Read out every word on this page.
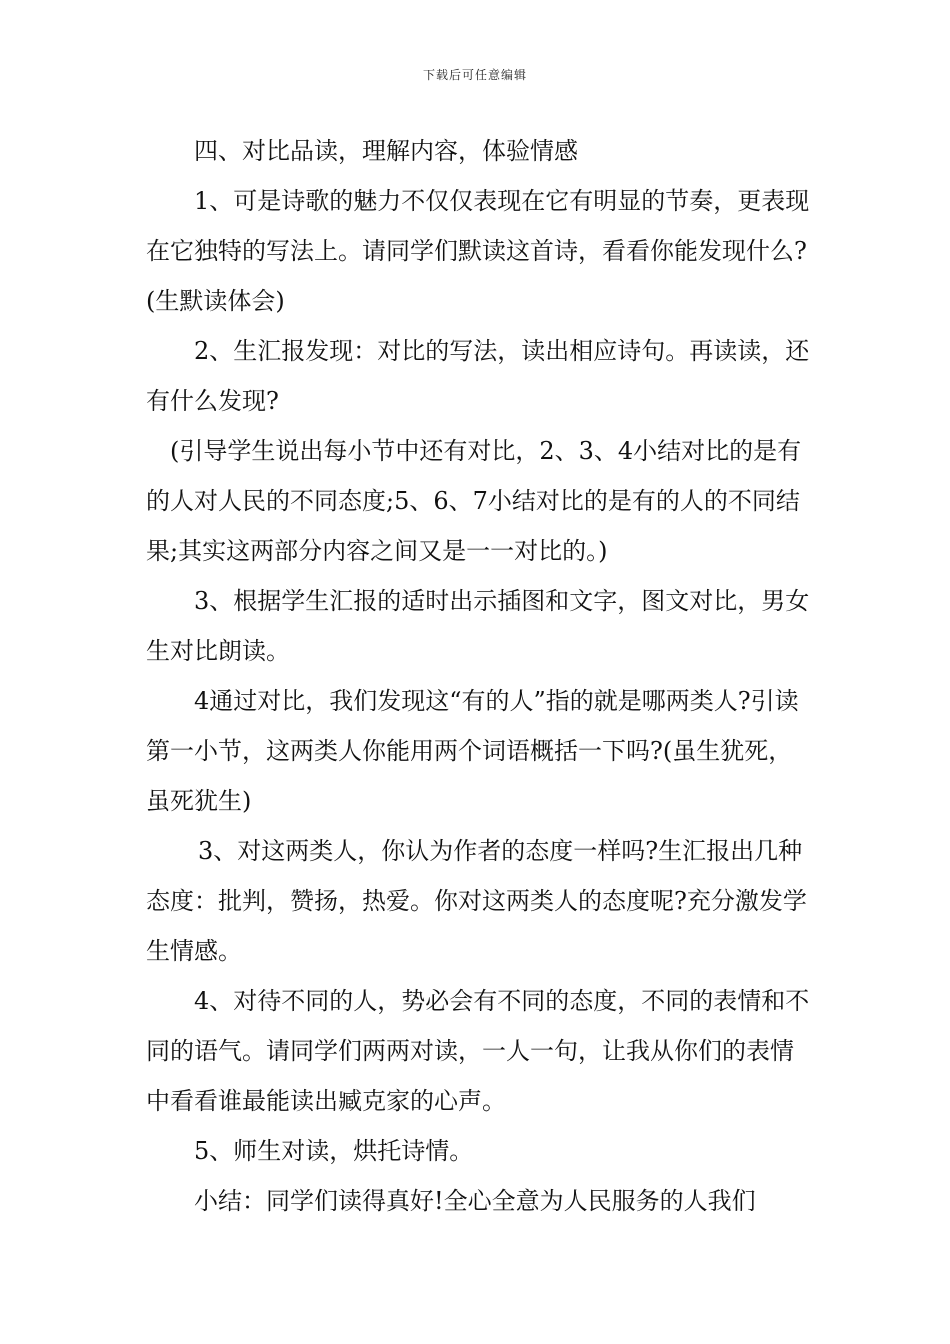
下载后可任意编辑

四、对比品读，理解内容，体验情感

1、可是诗歌的魅力不仅仅表现在它有明显的节奏，更表现在它独特的写法上。请同学们默读这首诗，看看你能发现什么?(生默读体会)

2、生汇报发现：对比的写法，读出相应诗句。再读读，还有什么发现?

(引导学生说出每小节中还有对比，2、3、4小结对比的是有的人对人民的不同态度;5、6、7小结对比的是有的人的不同结果;其实这两部分内容之间又是一一对比的。)

3、根据学生汇报的适时出示插图和文字，图文对比，男女生对比朗读。

4通过对比，我们发现这“有的人”指的就是哪两类人?引读第一小节，这两类人你能用两个词语概括一下吗?(虽生犹死，虽死犹生)

3、对这两类人，你认为作者的态度一样吗?生汇报出几种态度：批判，赞扬，热爱。你对这两类人的态度呢?充分激发学生情感。

4、对待不同的人，势必会有不同的态度，不同的表情和不同的语气。请同学们两两对读，一人一句，让我从你们的表情中看看谁最能读出臧克家的心声。

5、师生对读，烘托诗情。

小结：同学们读得真好!全心全意为人民服务的人我们
